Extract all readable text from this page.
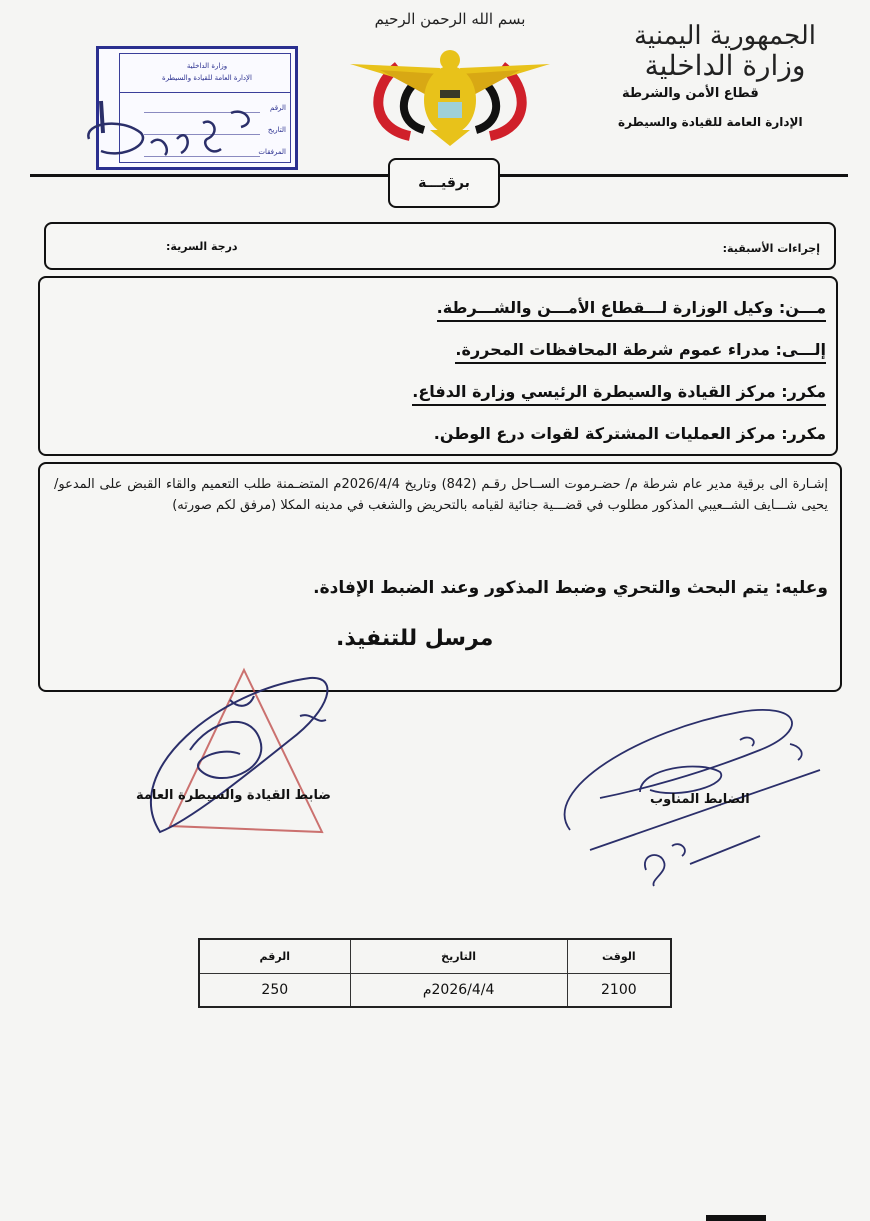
الجمهورية اليمنية
وزارة الداخلية
قطاع الأمن والشرطة
الإدارة العامة للقيادة والسيطرة
بسم الله الرحمن الرحيم
وزارة الداخلية
الإدارة العامة للقيادة والسيطرة
الرقم
التاريخ
المرفقات
برقيـــة
إجراءات الأسبقية:
درجة السرية:
مـــن: وكيل الوزارة لـــقطاع الأمـــن والشـــرطة.
إلـــى: مدراء عموم شرطة المحافظات المحررة.
مكرر: مركز القيادة والسيطرة الرئيسي وزارة الدفاع.
مكرر: مركز العمليات المشتركة لقوات درع الوطن.
إشـارة الى برقية مدير عام شرطة م/ حضـرموت الســاحل رقـم (842) وتاريخ 2026/4/4م المتضـمنة طلب التعميم والقاء القبض على المدعو/ يحيى شـــايف الشــعيبي المذكور مطلوب في قضـــية جنائية لقيامه بالتحريض والشغب في مدينه المكلا (مرفق لكم صورته)
وعليه: يتم البحث والتحري وضبط المذكور وعند الضبط الإفادة.
مرسل للتنفيذ.
ضابط القيادة والسيطرة العامة	الضابط المناوب
الوقت	التاريخ	الرقم
2100	2026/4/4م	250
